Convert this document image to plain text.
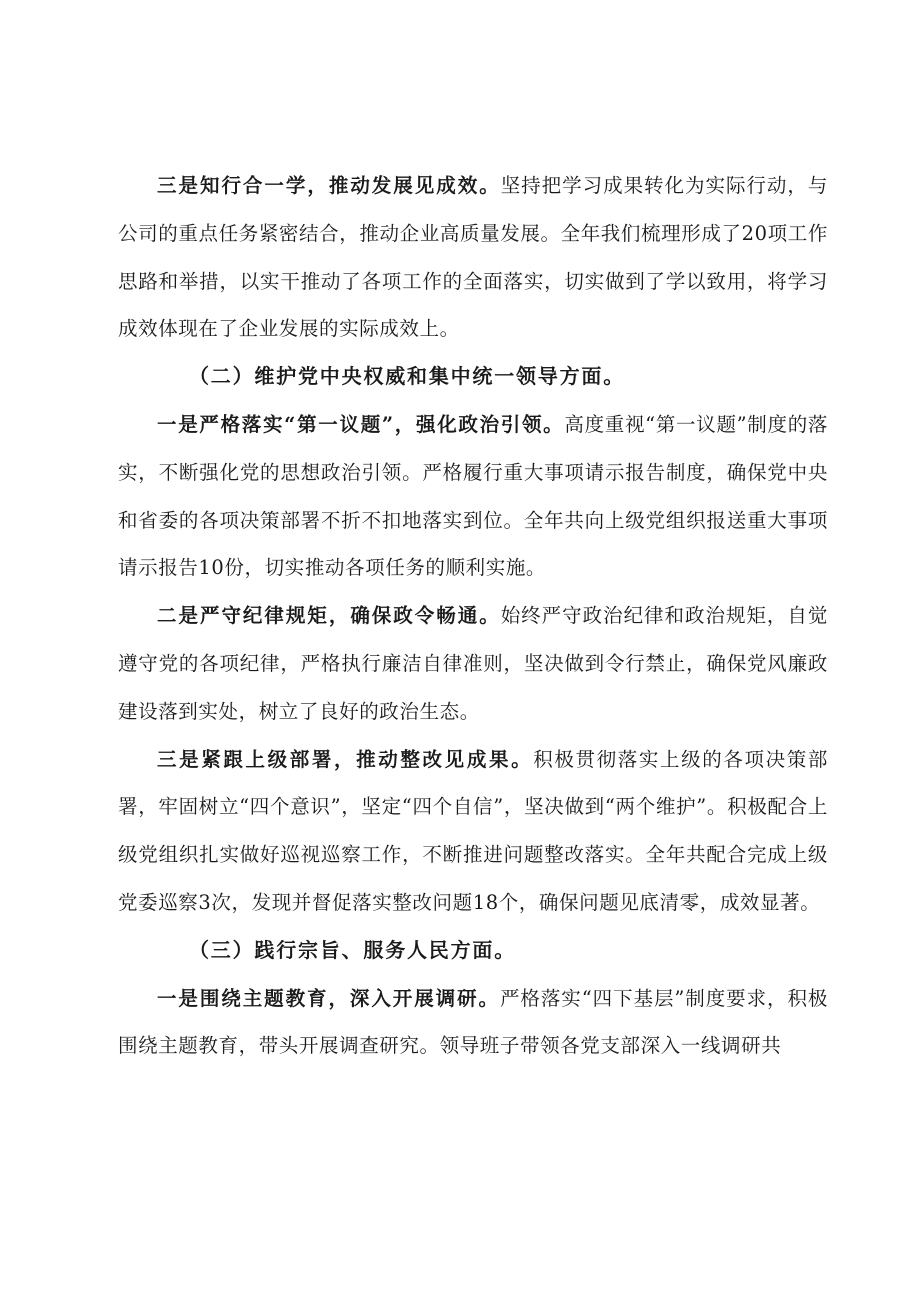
三是知行合一学，推动发展见成效。坚持把学习成果转化为实际行动，与公司的重点任务紧密结合，推动企业高质量发展。全年我们梳理形成了20项工作思路和举措，以实干推动了各项工作的全面落实，切实做到了学以致用，将学习成效体现在了企业发展的实际成效上。

（二）维护党中央权威和集中统一领导方面。

一是严格落实“第一议题”，强化政治引领。高度重视“第一议题”制度的落实，不断强化党的思想政治引领。严格履行重大事项请示报告制度，确保党中央和省委的各项决策部署不折不扣地落实到位。全年共向上级党组织报送重大事项请示报告10份，切实推动各项任务的顺利实施。

二是严守纪律规矩，确保政令畅通。始终严守政治纪律和政治规矩，自觉遵守党的各项纪律，严格执行廉洁自律准则，坚决做到令行禁止，确保党风廉政建设落到实处，树立了良好的政治生态。

三是紧跟上级部署，推动整改见成果。积极贯彻落实上级的各项决策部署，牢固树立“四个意识”，坚定“四个自信”，坚决做到“两个维护”。积极配合上级党组织扎实做好巡视巡察工作，不断推进问题整改落实。全年共配合完成上级党委巡察3次，发现并督促落实整改问题18个，确保问题见底清零，成效显著。

（三）践行宗旨、服务人民方面。

一是围绕主题教育，深入开展调研。严格落实“四下基层”制度要求，积极围绕主题教育，带头开展调查研究。领导班子带领各党支部深入一线调研共
